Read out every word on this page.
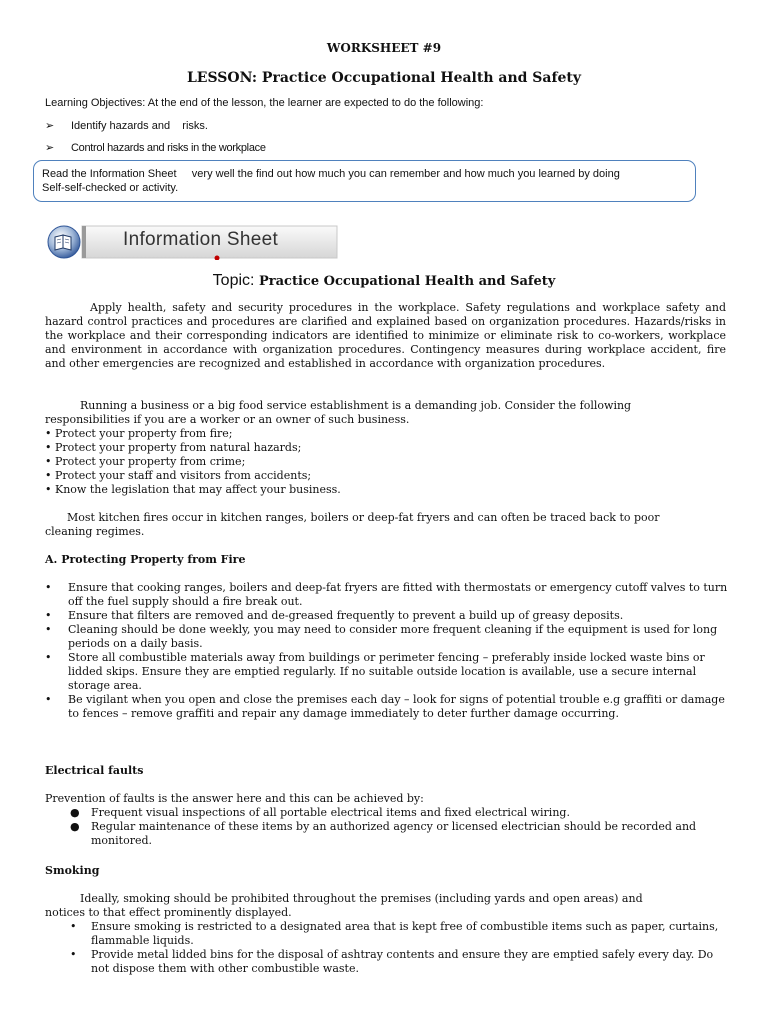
WORKSHEET #9
LESSON: Practice Occupational Health and Safety
Learning Objectives: At the end of the lesson, the learner are expected to do the following:
➢ Identify hazards and    risks.
➢ Control hazards and risks in the workplace
Read the Information Sheet     very well the find out how much you can remember and how much you learned by doing
Self-self-checked or activity.
Information Sheet
Topic: Practice Occupational Health and Safety
Apply health, safety and security procedures in the workplace. Safety regulations and workplace safety and hazard control practices and procedures are clarified and explained based on organization procedures. Hazards/risks in the workplace and their corresponding indicators are identified to minimize or eliminate risk to co-workers, workplace and environment in accordance with organization procedures. Contingency measures during workplace accident, fire and other emergencies are recognized and established in accordance with organization procedures.
Running a business or a big food service establishment is a demanding job. Consider the following
responsibilities if you are a worker or an owner of such business.
• Protect your property from fire;
• Protect your property from natural hazards;
• Protect your property from crime;
• Protect your staff and visitors from accidents;
• Know the legislation that may affect your business.
Most kitchen fires occur in kitchen ranges, boilers or deep-fat fryers and can often be traced back to poor
cleaning regimes.
A. Protecting Property from Fire
• Ensure that cooking ranges, boilers and deep-fat fryers are fitted with thermostats or emergency cutoff valves to turn off the fuel supply should a fire break out.
• Ensure that filters are removed and de-greased frequently to prevent a build up of greasy deposits.
• Cleaning should be done weekly, you may need to consider more frequent cleaning if the equipment is used for long periods on a daily basis.
• Store all combustible materials away from buildings or perimeter fencing – preferably inside locked waste bins or lidded skips. Ensure they are emptied regularly. If no suitable outside location is available, use a secure internal storage area.
• Be vigilant when you open and close the premises each day – look for signs of potential trouble e.g graffiti or damage to fences – remove graffiti and repair any damage immediately to deter further damage occurring.
Electrical faults
Prevention of faults is the answer here and this can be achieved by:
● Frequent visual inspections of all portable electrical items and fixed electrical wiring.
● Regular maintenance of these items by an authorized agency or licensed electrician should be recorded and monitored.
Smoking
Ideally, smoking should be prohibited throughout the premises (including yards and open areas) and
notices to that effect prominently displayed.
• Ensure smoking is restricted to a designated area that is kept free of combustible items such as paper, curtains, flammable liquids.
• Provide metal lidded bins for the disposal of ashtray contents and ensure they are emptied safely every day. Do not dispose them with other combustible waste.
